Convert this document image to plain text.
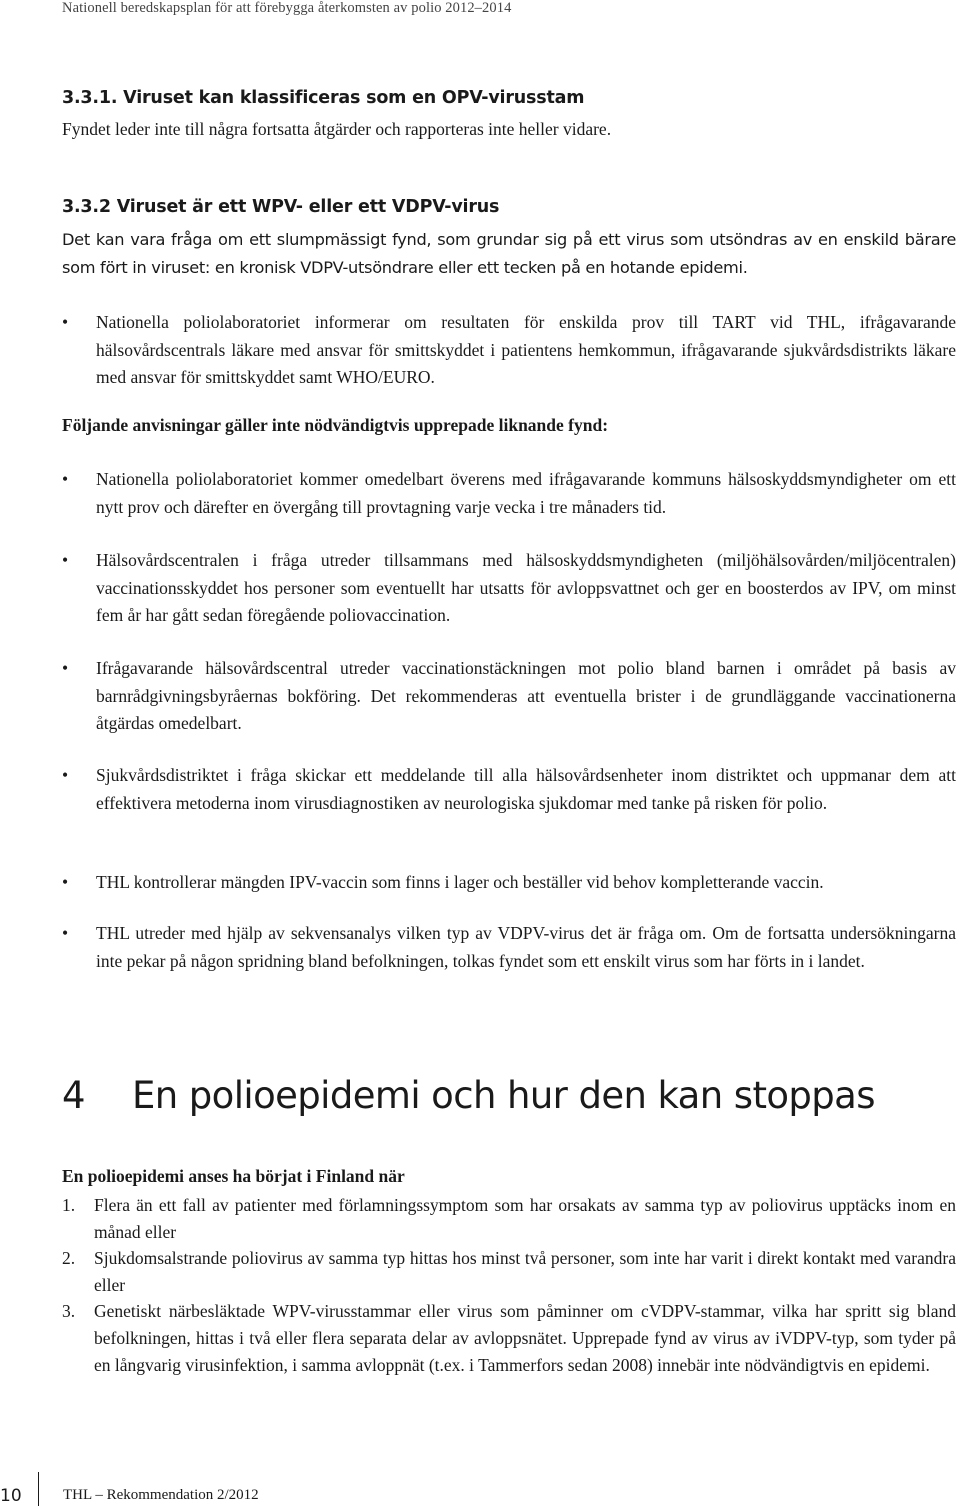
Nationell beredskapsplan för att förebygga återkomsten av polio 2012–2014
3.3.1. Viruset kan klassificeras som en OPV-virusstam

Fyndet leder inte till några fortsatta åtgärder och rapporteras inte heller vidare.

3.3.2 Viruset är ett WPV- eller ett VDPV-virus

Det kan vara fråga om ett slumpmässigt fynd, som grundar sig på ett virus som utsöndras av en enskild bärare som fört in viruset: en kronisk VDPV-utsöndrare eller ett tecken på en hotande epidemi.

•	Nationella poliolaboratoriet informerar om resultaten för enskilda prov till TART vid THL, ifrågavarande hälsovårdscentrals läkare med ansvar för smittskyddet i patientens hemkommun, ifrågavarande sjukvårdsdistrikts läkare med ansvar för smittskyddet samt WHO/EURO.
Följande anvisningar gäller inte nödvändigtvis upprepade liknande fynd:
•	Nationella poliolaboratoriet kommer omedelbart överens med ifrågavarande kommuns hälsoskyddsmyndigheter om ett nytt prov och därefter en övergång till provtagning varje vecka i tre månaders tid.
•	Hälsovårdscentralen i fråga utreder tillsammans med hälsoskyddsmyndigheten (miljöhälsovården/miljöcentralen) vaccinationsskyddet hos personer som eventuellt har utsatts för avloppsvattnet och ger en boosterdos av IPV, om minst fem år har gått sedan föregående poliovaccination.
•	Ifrågavarande hälsovårdscentral utreder vaccinationstäckningen mot polio bland barnen i området på basis av barnrådgivningsbyråernas bokföring. Det rekommenderas att eventuella brister i de grundläggande vaccinationerna åtgärdas omedelbart.
•	Sjukvårdsdistriktet i fråga skickar ett meddelande till alla hälsovårdsenheter inom distriktet och uppmanar dem att effektivera metoderna inom virusdiagnostiken av neurologiska sjukdomar med tanke på risken för polio.
•	THL kontrollerar mängden IPV-vaccin som finns i lager och beställer vid behov kompletterande vaccin.
•	THL utreder med hjälp av sekvensanalys vilken typ av VDPV-virus det är fråga om. Om de fortsatta undersökningarna inte pekar på någon spridning bland befolkningen, tolkas fyndet som ett enskilt virus som har förts in i landet.
4 En polioepidemi och hur den kan stoppas
En polioepidemi anses ha börjat i Finland när
1. Flera än ett fall av patienter med förlamningssymptom som har orsakats av samma typ av poliovirus upptäcks inom en månad eller
2. Sjukdomsalstrande poliovirus av samma typ hittas hos minst två personer, som inte har varit i direkt kontakt med varandra eller
3. Genetiskt närbesläktade WPV-virusstammar eller virus som påminner om cVDPV-stammar, vilka har spritt sig bland befolkningen, hittas i två eller flera separata delar av avloppsnätet. Upprepade fynd av virus av iVDPV-typ, som tyder på en långvarig virusinfektion, i samma avloppnät (t.ex. i Tammerfors sedan 2008) innebär inte nödvändigtvis en epidemi.
10	THL – Rekommendation 2/2012
